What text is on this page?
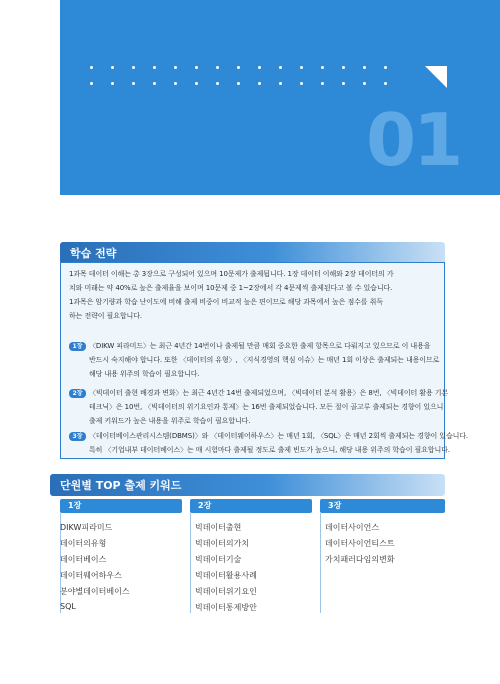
01
학습 전략
1과목 데이터 이해는 총 3장으로 구성되어 있으며 10문제가 출제됩니다. 1장 데이터 이해와 2장 데이터의 가
치와 미래는 약 40%로 높은 출제율을 보이며 10문제 중 1~2장에서 각 4문제씩 출제된다고 볼 수 있습니다.
1과목은 암기량과 학습 난이도에 비해 출제 비중이 비교적 높은 편이므로 해당 과목에서 높은 점수를 취득
하는 전략이 필요합니다.
1장 〈DIKW 피라미드〉는 최근 4년간 14번이나 출제될 만큼 매회 중요한 출제 항목으로 다뤄지고 있으므로 이 내용을
반드시 숙지해야 합니다. 또한 〈데이터의 유형〉, 〈지식경영의 핵심 이슈〉는 매년 1회 이상은 출제되는 내용이므로
해당 내용 위주의 학습이 필요합니다.
2장 〈빅데이터 출현 배경과 변화〉는 최근 4년간 14번 출제되었으며, 〈빅데이터 분석 활용〉은 8번, 〈빅데이터 활용 기본
테크닉〉은 10번, 〈빅데이터의 위기요인과 통제〉는 16번 출제되었습니다. 모든 절이 골고루 출제되는 경향이 있으니
출제 키워드가 높은 내용을 위주로 학습이 필요합니다.
3장 〈데이터베이스관리시스템(DBMS)〉와 〈데이터웨어하우스〉는 매년 1회, 〈SQL〉은 매년 2회씩 출제되는 경향이 있습니다.
특히 〈기업내부 데이터베이스〉는 매 시험마다 출제될 정도로 출제 빈도가 높으니, 해당 내용 위주의 학습이 필요합니다.
단원별 TOP 출제 키워드
1장
DIKW피라미드
데이터의유형
데이터베이스
데이터웨어하우스
분야별데이터베이스
SQL
2장
빅데이터출현
빅데이터의가치
빅데이터기술
빅데이터활용사례
빅데이터위기요인
빅데이터통제방안
3장
데이터사이언스
데이터사이언티스트
가치패러다임의변화
